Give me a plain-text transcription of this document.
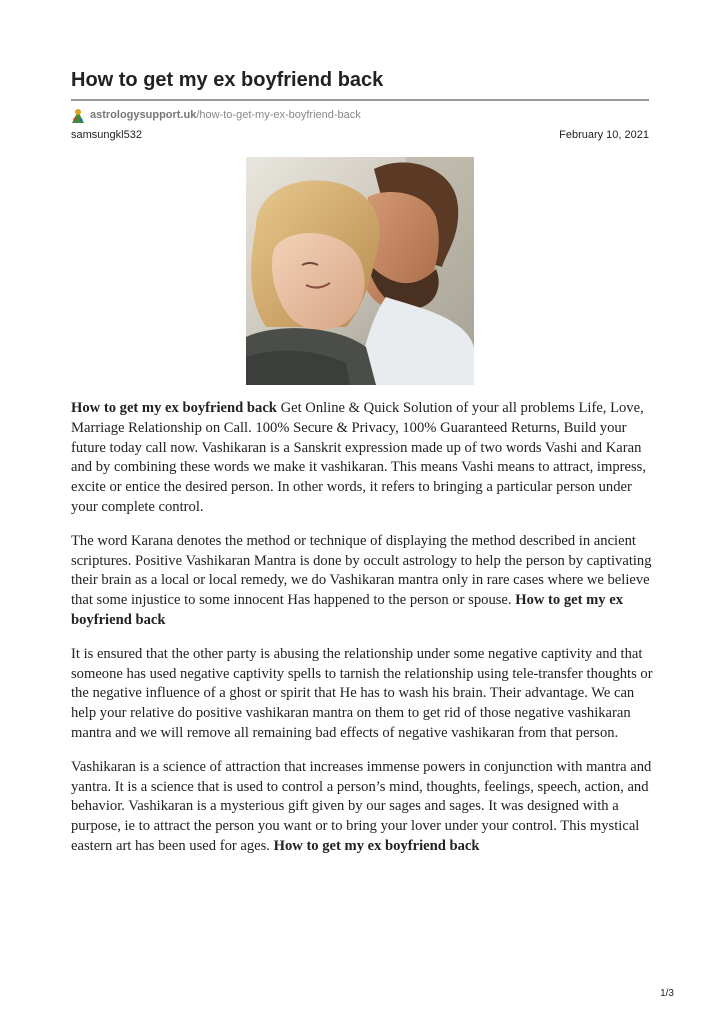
How to get my ex boyfriend back
astrologysupport.uk /how-to-get-my-ex-boyfriend-back
samsungkl532	February 10, 2021

How to get my ex boyfriend back Get Online & Quick Solution of your all problems Life, Love, Marriage Relationship on Call. 100% Secure & Privacy, 100% Guaranteed Returns, Build your future today call now. Vashikaran is a Sanskrit expression made up of two words Vashi and Karan and by combining these words we make it vashikaran. This means Vashi means to attract, impress, excite or entice the desired person. In other words, it refers to bringing a particular person under your complete control.

The word Karana denotes the method or technique of displaying the method described in ancient scriptures. Positive Vashikaran Mantra is done by occult astrology to help the person by captivating their brain as a local or local remedy, we do Vashikaran mantra only in rare cases where we believe that some injustice to some innocent Has happened to the person or spouse. How to get my ex boyfriend back

It is ensured that the other party is abusing the relationship under some negative captivity and that someone has used negative captivity spells to tarnish the relationship using tele-transfer thoughts or the negative influence of a ghost or spirit that He has to wash his brain. Their advantage. We can help your relative do positive vashikaran mantra on them to get rid of those negative vashikaran mantra and we will remove all remaining bad effects of negative vashikaran from that person.

Vashikaran is a science of attraction that increases immense powers in conjunction with mantra and yantra. It is a science that is used to control a person’s mind, thoughts, feelings, speech, action, and behavior. Vashikaran is a mysterious gift given by our sages and sages. It was designed with a purpose, ie to attract the person you want or to bring your lover under your control. This mystical eastern art has been used for ages. How to get my ex boyfriend back

1/3
